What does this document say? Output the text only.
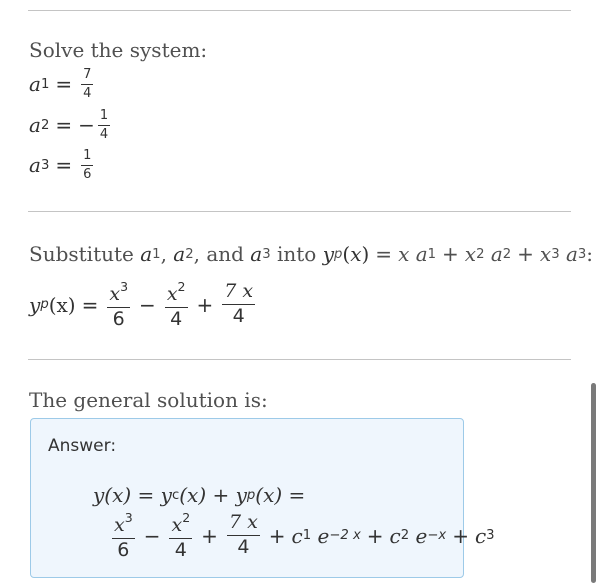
Solve the system:
a $1 = \frac{7}{4}$
a 2 = − $\frac{1}{4}$
a $3 = \frac{1}{6}$
Substitute
a 1 , a 2 , and
a 3
into
y p (x) = x
a 1 + x 2
a 2 + x 3
a 3 :
y p $(x) = \frac{x^3}{6} - \frac{x^2}{4} + \frac{7 x}{4}$
The general solution is:
Answer:
y(x) = y c (x) + y p (x) =
$\frac{x^3}{6} - \frac{x^2}{4} + \frac{7 x}{4} + c$ 1
e −2 x + c 2
e −x + c 3
